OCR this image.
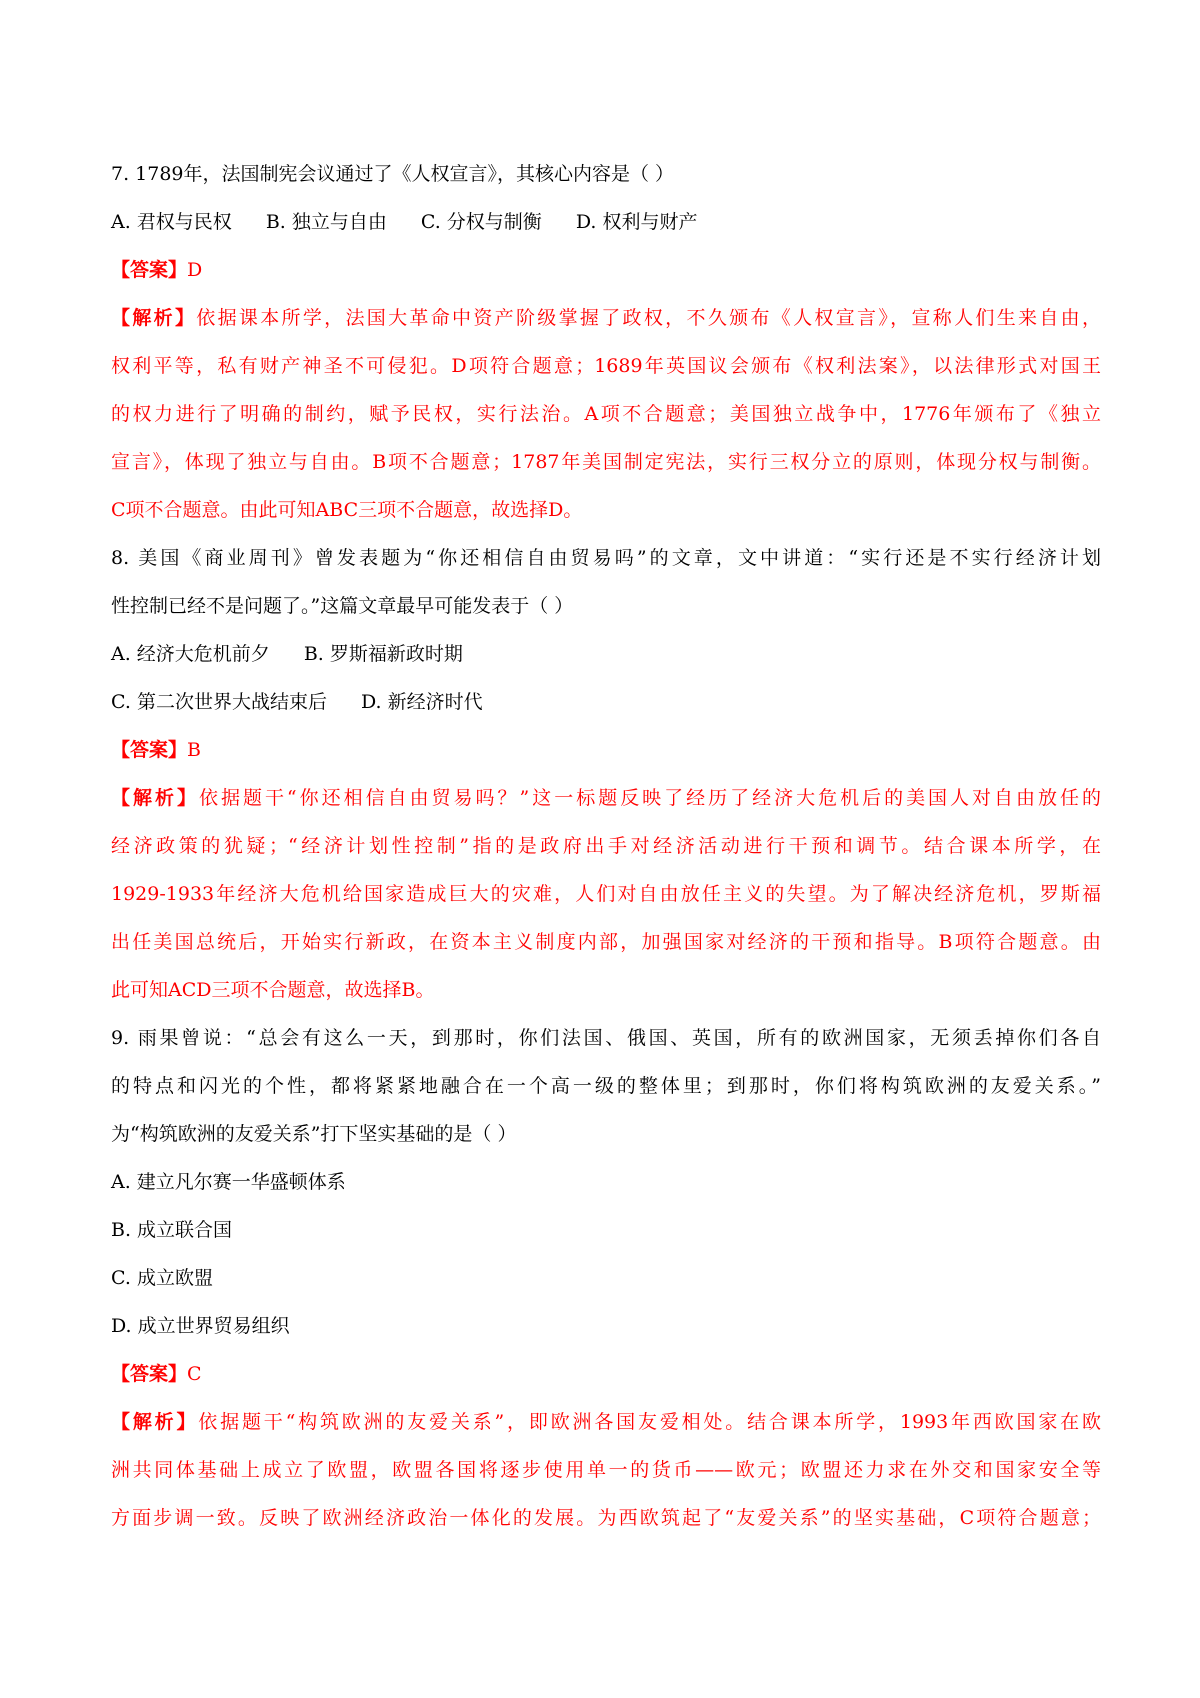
7. 1789年，法国制宪会议通过了《人权宣言》，其核心内容是（ ）
A. 君权与民权 B. 独立与自由 C. 分权与制衡 D. 权利与财产
【答案】D
【解析】依据课本所学，法国大革命中资产阶级掌握了政权，不久颁布《人权宣言》，宣称人们生来自由，
权利平等，私有财产神圣不可侵犯。D项符合题意；1689年英国议会颁布《权利法案》，以法律形式对国王
的权力进行了明确的制约，赋予民权，实行法治。A项不合题意；美国独立战争中，1776年颁布了《独立
宣言》，体现了独立与自由。B项不合题意；1787年美国制定宪法，实行三权分立的原则，体现分权与制衡。
C项不合题意。由此可知ABC三项不合题意，故选择D。
8. 美国《商业周刊》曾发表题为“你还相信自由贸易吗”的文章，文中讲道：“实行还是不实行经济计划
性控制已经不是问题了。”这篇文章最早可能发表于（ ）
A. 经济大危机前夕 B. 罗斯福新政时期
C. 第二次世界大战结束后 D. 新经济时代
【答案】B
【解析】依据题干“你还相信自由贸易吗？”这一标题反映了经历了经济大危机后的美国人对自由放任的
经济政策的犹疑；“经济计划性控制”指的是政府出手对经济活动进行干预和调节。结合课本所学，在
1929-1933年经济大危机给国家造成巨大的灾难，人们对自由放任主义的失望。为了解决经济危机，罗斯福
出任美国总统后，开始实行新政，在资本主义制度内部，加强国家对经济的干预和指导。B项符合题意。由
此可知ACD三项不合题意，故选择B。
9. 雨果曾说：“总会有这么一天，到那时，你们法国、俄国、英国，所有的欧洲国家，无须丢掉你们各自
的特点和闪光的个性，都将紧紧地融合在一个高一级的整体里；到那时，你们将构筑欧洲的友爱关系。”
为“构筑欧洲的友爱关系”打下坚实基础的是（ ）
A. 建立凡尔赛一华盛顿体系
B. 成立联合国
C. 成立欧盟
D. 成立世界贸易组织
【答案】C
【解析】依据题干“构筑欧洲的友爱关系”，即欧洲各国友爱相处。结合课本所学，1993年西欧国家在欧
洲共同体基础上成立了欧盟，欧盟各国将逐步使用单一的货币——欧元；欧盟还力求在外交和国家安全等
方面步调一致。反映了欧洲经济政治一体化的发展。为西欧筑起了“友爱关系”的坚实基础，C项符合题意；
